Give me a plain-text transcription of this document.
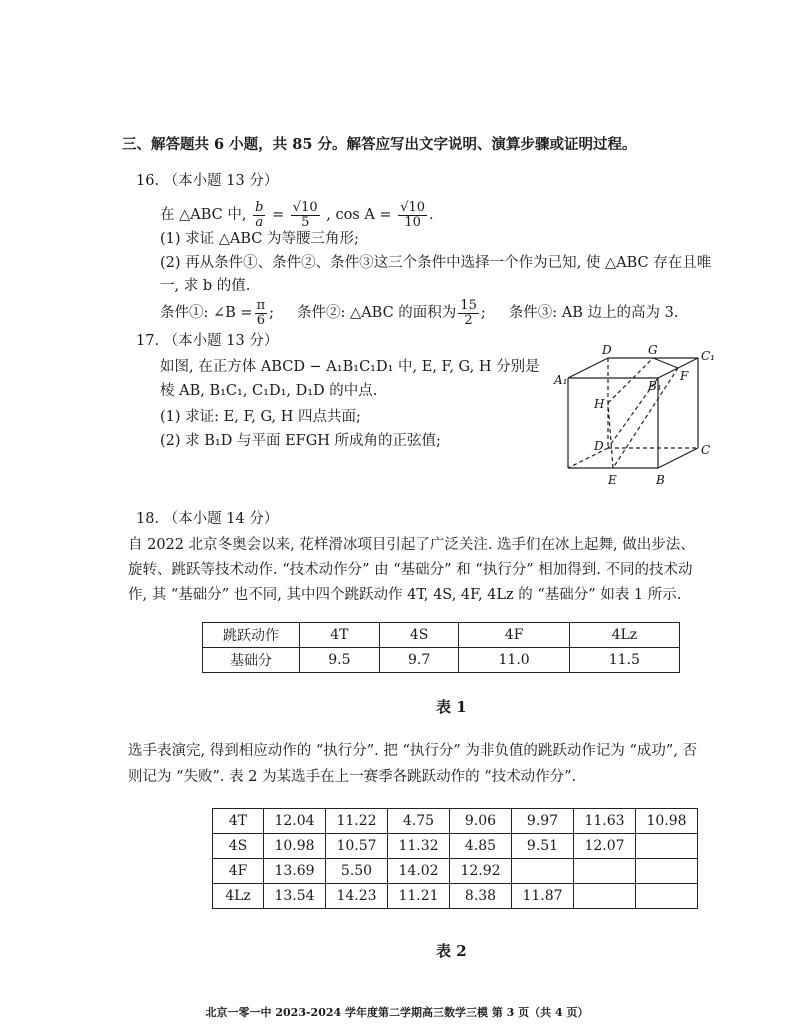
三、解答题共 6 小题，共 85 分。解答应写出文字说明、演算步骤或证明过程。
16. （本小题 13 分）
在 △ABC 中, $\frac{b}{a} = \frac{√10}{5}$ , $\cos A = \frac{√10}{10}$ .
(1) 求证 △ABC 为等腰三角形;
(2) 再从条件①、条件②、条件③这三个条件中选择一个作为已知, 使 △ABC 存在且唯
一, 求 b 的值.
条件①: ∠B = $\frac{\pi}{6}$ ; 条件②: △ABC 的面积为 $\frac{15}{2}$ ; 条件③: AB 边上的高为 3.
17. （本小题 13 分）
如图, 在正方体 ABCD − A₁B₁C₁D₁ 中, E, F, G, H 分别是
棱 AB, B₁C₁, C₁D₁, D₁D 的中点.
(1) 求证: E, F, G, H 四点共面;
(2) 求 B₁D 与平面 EFGH 所成角的正弦值;
D	G	C₁
A₁	B₁
F
H
D	C
E	B
18. （本小题 14 分）
自 2022 北京冬奥会以来, 花样滑冰项目引起了广泛关注. 选手们在冰上起舞, 做出步法、
旋转、跳跃等技术动作. “技术动作分” 由 “基础分” 和 “执行分” 相加得到. 不同的技术动
作, 其 “基础分” 也不同, 其中四个跳跃动作 4T, 4S, 4F, 4Lz 的 “基础分” 如表 1 所示.
跳跃动作	4T	4S	4F	4Lz
基础分	9.5	9.7	11.0	11.5
表 1
选手表演完, 得到相应动作的 “执行分”. 把 “执行分” 为非负值的跳跃动作记为 “成功”, 否
则记为 “失败”. 表 2 为某选手在上一赛季各跳跃动作的 “技术动作分”.
4T	12.04	11.22	4.75	9.06	9.97	11.63	10.98
4S	10.98	10.57	11.32	4.85	9.51	12.07	
4F	13.69	5.50	14.02	12.92			
4Lz	13.54	14.23	11.21	8.38	11.87		
表 2
北京一零一中 2023-2024 学年度第二学期高三数学三模 第 3 页（共 4 页）
